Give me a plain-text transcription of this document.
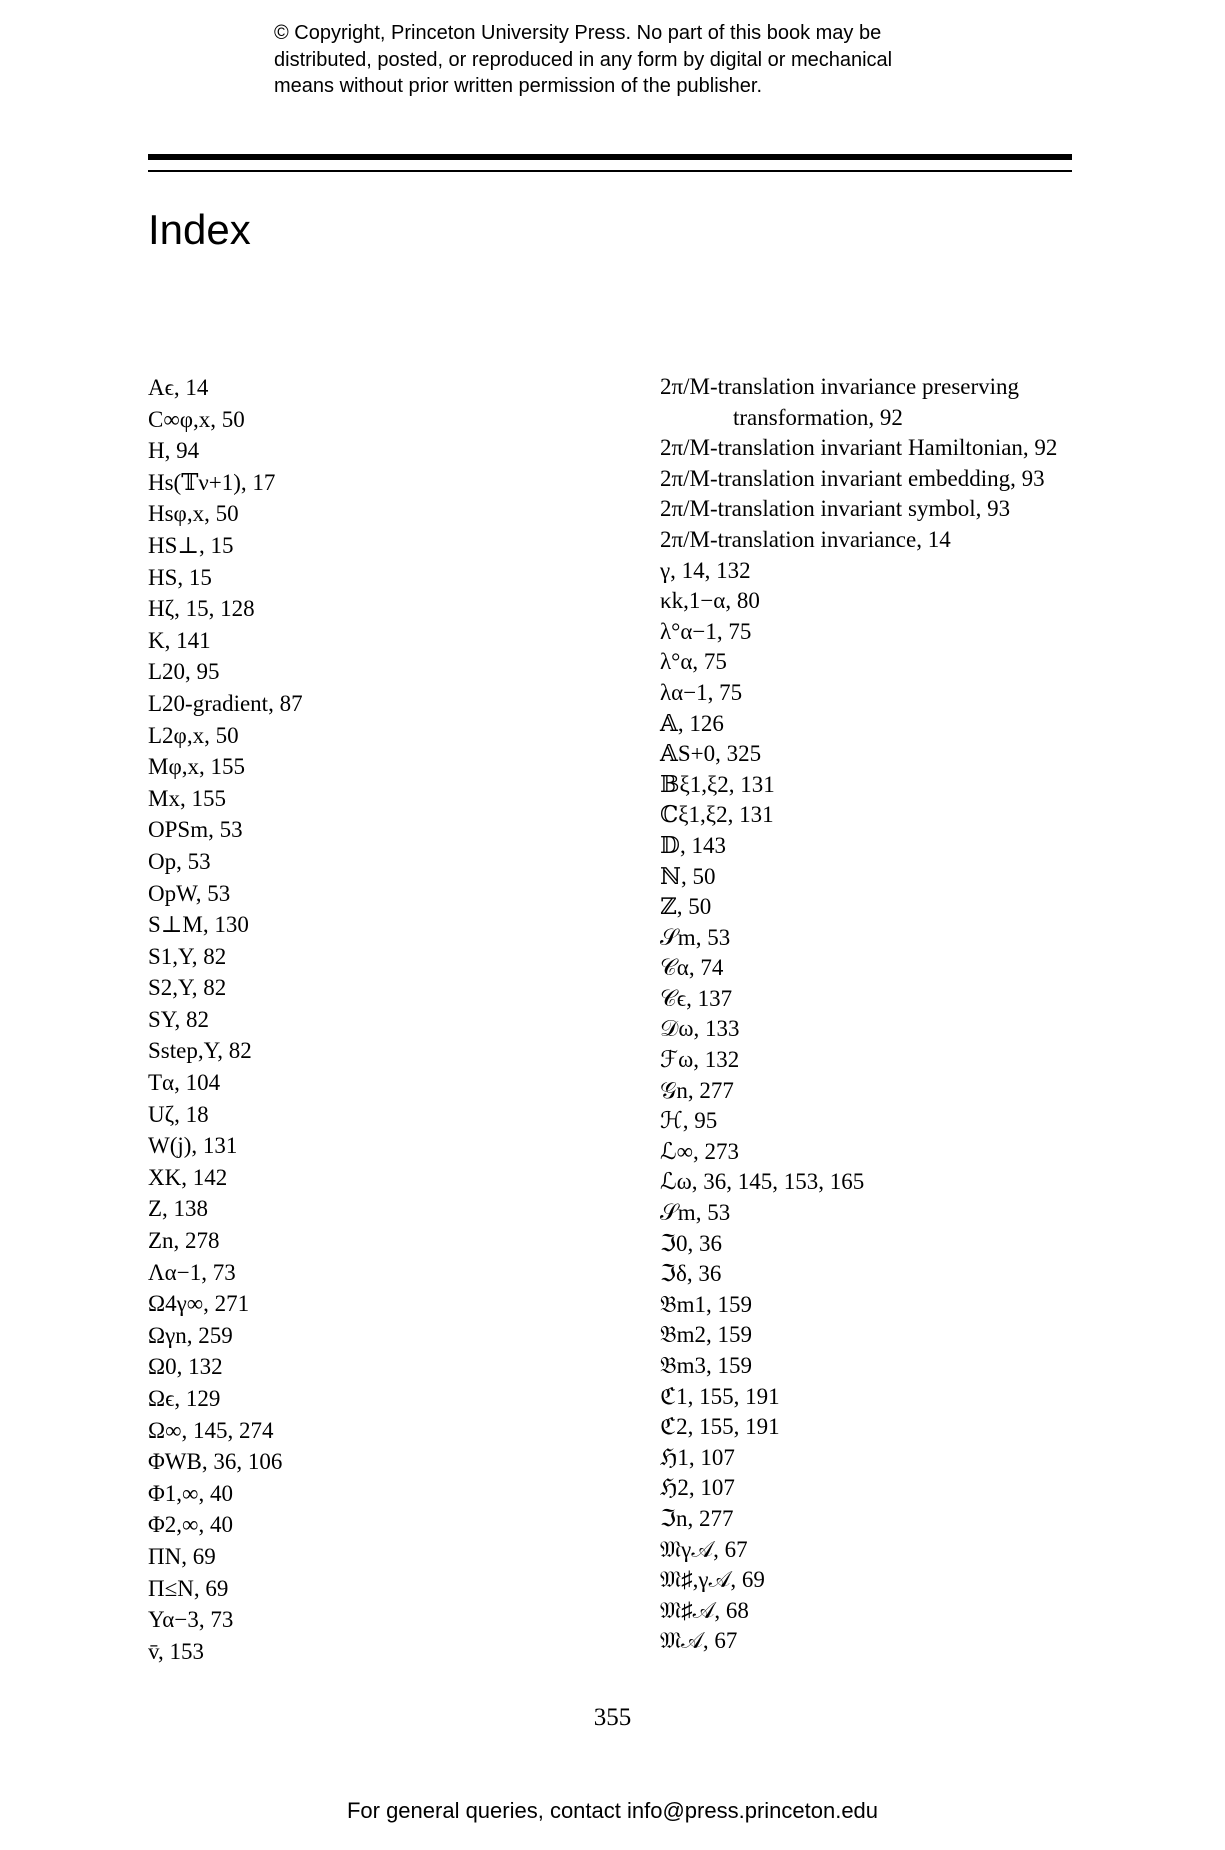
© Copyright, Princeton University Press. No part of this book may be
distributed, posted, or reproduced in any form by digital or mechanical
means without prior written permission of the publisher.
Index
Aϵ, 14
C∞φ,x, 50
H, 94
Hs(𝕋ν+1), 17
Hsφ,x, 50
HS⊥, 15
HS, 15
Hζ, 15, 128
K, 141
L20, 95
L20-gradient, 87
L2φ,x, 50
Mφ,x, 155
Mx, 155
OPSm, 53
Op, 53
OpW, 53
S⊥M, 130
S1,Υ, 82
S2,Υ, 82
SΥ, 82
Sstep,Υ, 82
Tα, 104
Uζ, 18
W(j), 131
XK, 142
Z, 138
Zn, 278
Λα−1, 73
Ω4γ∞, 271
Ωγn, 259
Ω0, 132
Ωϵ, 129
Ω∞, 145, 274
ΦWB, 36, 106
Φ1,∞, 40
Φ2,∞, 40
ΠN, 69
Π≤N, 69
Υα−3, 73
v̄, 153
2π/M-translation invariance preserving
transformation, 92
2π/M-translation invariant Hamiltonian, 92
2π/M-translation invariant embedding, 93
2π/M-translation invariant symbol, 93
2π/M-translation invariance, 14
γ, 14, 132
κk,1−α, 80
λ°α−1, 75
λ°α, 75
λα−1, 75
𝔸, 126
𝔸S+0, 325
𝔹ξ1,ξ2, 131
ℂξ1,ξ2, 131
𝔻, 143
ℕ, 50
ℤ, 50
𝒮m, 53
𝒞α, 74
𝒞ϵ, 137
𝒟ω, 133
ℱω, 132
𝒢n, 277
ℋ, 95
ℒ∞, 273
ℒω, 36, 145, 153, 165
𝒮m, 53
ℑ0, 36
ℑδ, 36
𝔅m1, 159
𝔅m2, 159
𝔅m3, 159
ℭ1, 155, 191
ℭ2, 155, 191
ℌ1, 107
ℌ2, 107
ℑn, 277
𝔐γ𝒜, 67
𝔐♯,γ𝒜, 69
𝔐♯𝒜, 68
𝔐𝒜, 67
355
For general queries, contact info@press.princeton.edu
